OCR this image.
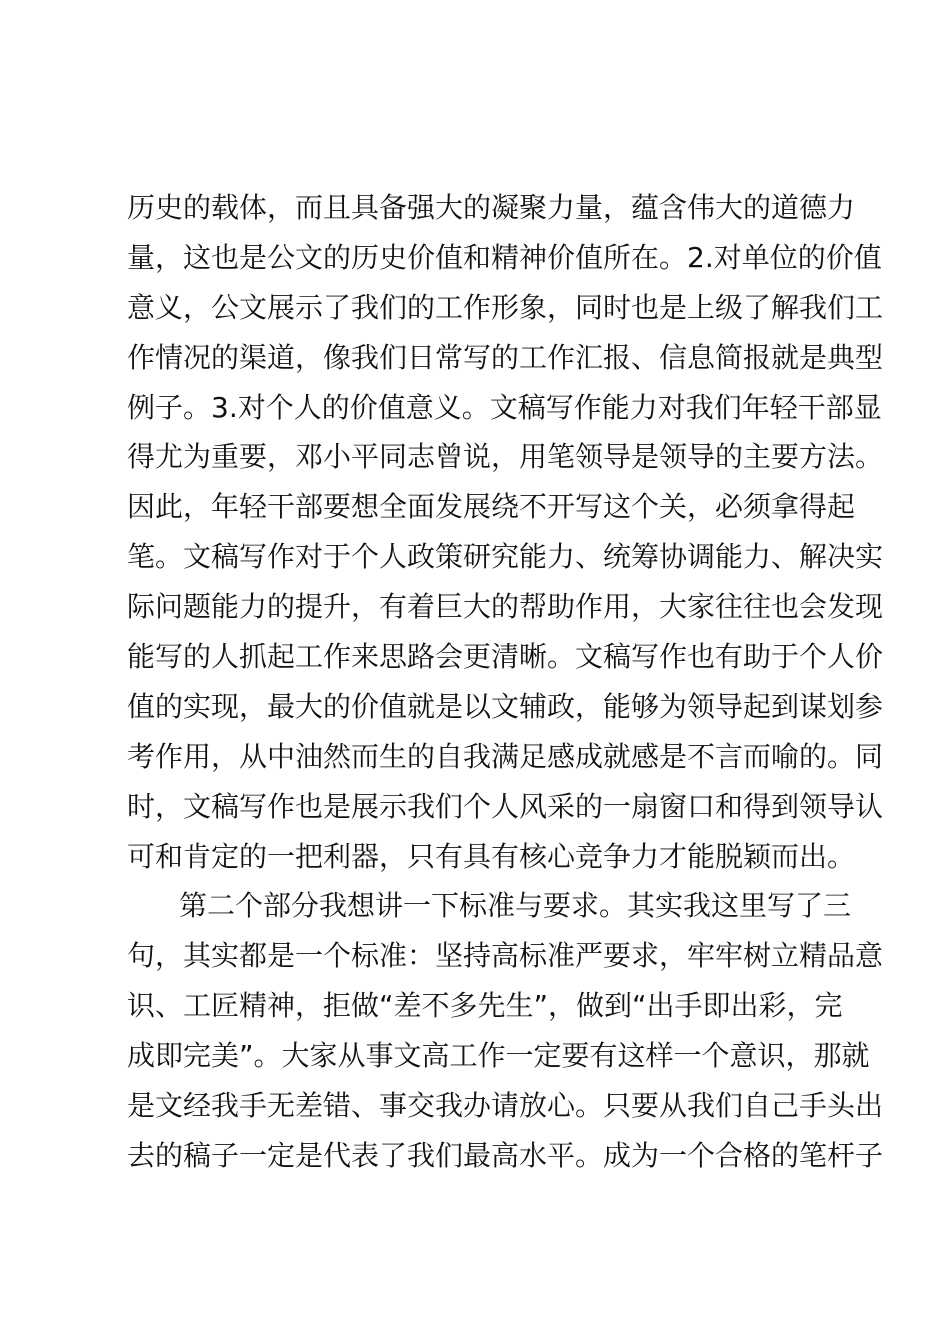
历史的载体，而且具备强大的凝聚力量，蕴含伟大的道德力
量，这也是公文的历史价值和精神价值所在。2.对单位的价值
意义，公文展示了我们的工作形象，同时也是上级了解我们工
作情况的渠道，像我们日常写的工作汇报、信息简报就是典型
例子。3.对个人的价值意义。文稿写作能力对我们年轻干部显
得尤为重要，邓小平同志曾说，用笔领导是领导的主要方法。
因此，年轻干部要想全面发展绕不开写这个关，必须拿得起
笔。文稿写作对于个人政策研究能力、统筹协调能力、解决实
际问题能力的提升，有着巨大的帮助作用，大家往往也会发现
能写的人抓起工作来思路会更清晰。文稿写作也有助于个人价
值的实现，最大的价值就是以文辅政，能够为领导起到谋划参
考作用，从中油然而生的自我满足感成就感是不言而喻的。同
时，文稿写作也是展示我们个人风采的一扇窗口和得到领导认
可和肯定的一把利器，只有具有核心竞争力才能脱颖而出。
第二个部分我想讲一下标准与要求。其实我这里写了三
句，其实都是一个标准：坚持高标准严要求，牢牢树立精品意
识、工匠精神，拒做“差不多先生”，做到“出手即出彩，完
成即完美”。大家从事文高工作一定要有这样一个意识，那就
是文经我手无差错、事交我办请放心。只要从我们自己手头出
去的稿子一定是代表了我们最高水平。成为一个合格的笔杆子
